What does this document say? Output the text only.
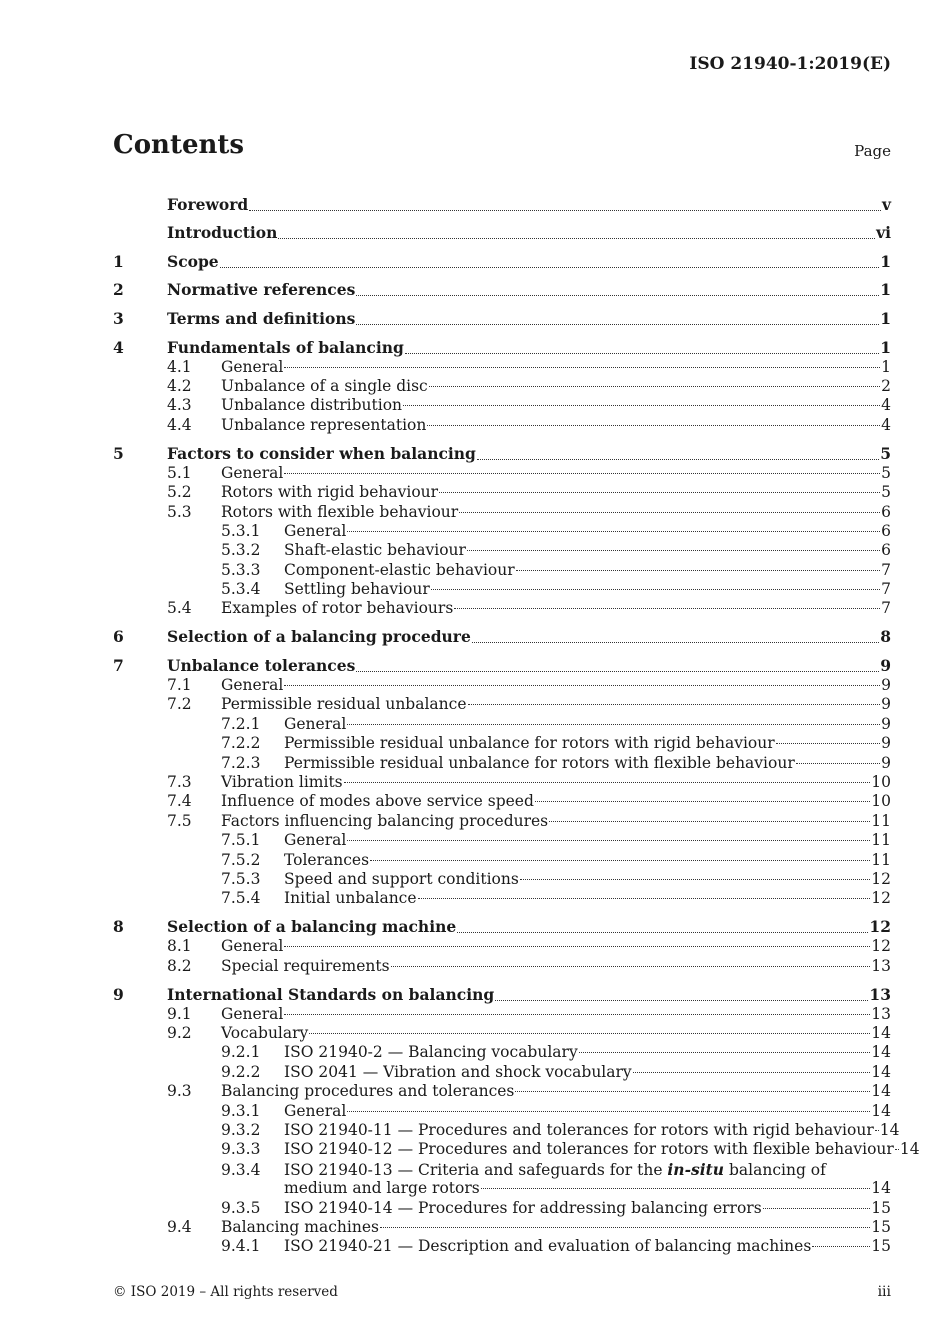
ISO 21940-1:2019(E)
Contents	Page
Foreword	v
Introduction	vi
1	Scope	1
2	Normative references	1
3	Terms and definitions	1
4	Fundamentals of balancing	1
4.1	General	1
4.2	Unbalance of a single disc	2
4.3	Unbalance distribution	4
4.4	Unbalance representation	4
5	Factors to consider when balancing	5
5.1	General	5
5.2	Rotors with rigid behaviour	5
5.3	Rotors with flexible behaviour	6
5.3.1	General	6
5.3.2	Shaft-elastic behaviour	6
5.3.3	Component-elastic behaviour	7
5.3.4	Settling behaviour	7
5.4	Examples of rotor behaviours	7
6	Selection of a balancing procedure	8
7	Unbalance tolerances	9
7.1	General	9
7.2	Permissible residual unbalance	9
7.2.1	General	9
7.2.2	Permissible residual unbalance for rotors with rigid behaviour	9
7.2.3	Permissible residual unbalance for rotors with flexible behaviour	9
7.3	Vibration limits	10
7.4	Influence of modes above service speed	10
7.5	Factors influencing balancing procedures	11
7.5.1	General	11
7.5.2	Tolerances	11
7.5.3	Speed and support conditions	12
7.5.4	Initial unbalance	12
8	Selection of a balancing machine	12
8.1	General	12
8.2	Special requirements	13
9	International Standards on balancing	13
9.1	General	13
9.2	Vocabulary	14
9.2.1	ISO 21940-2 — Balancing vocabulary	14
9.2.2	ISO 2041 — Vibration and shock vocabulary	14
9.3	Balancing procedures and tolerances	14
9.3.1	General	14
9.3.2	ISO 21940-11 — Procedures and tolerances for rotors with rigid behaviour 14
9.3.3	ISO 21940-12 — Procedures and tolerances for rotors with flexible behaviour 14
9.3.4	ISO 21940-13 — Criteria and safeguards for the in-situ balancing of
medium and large rotors	14
9.3.5	ISO 21940-14 — Procedures for addressing balancing errors	15
9.4	Balancing machines	15
9.4.1	ISO 21940-21 — Description and evaluation of balancing machines	15
© ISO 2019 – All rights reserved	iii
